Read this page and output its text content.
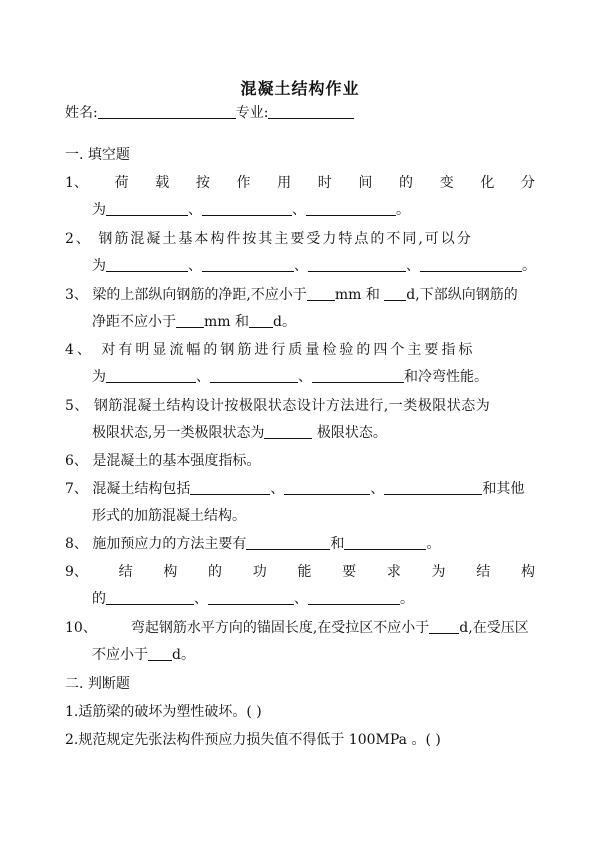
混凝土结构作业
姓名:	专业:
一. 填空题
1、 荷 载 按 作 用 时 间 的 变 化 分
为	、	、	。
2、 钢筋混凝土基本构件按其主要受力特点的不同,可以分
为	、	、	、	。
3、 梁的上部纵向钢筋的净距,不应小于 mm 和 d,下部纵向钢筋的
净距不应小于 mm 和 d。
4、 对有明显流幅的钢筋进行质量检验的四个主要指标
为	、	、	和冷弯性能。
5、 钢筋混凝土结构设计按极限状态设计方法进行,一类极限状态为
极限状态,另一类极限状态为	极限状态。
6、 是混凝土的基本强度指标。
7、 混凝土结构包括	、	、	和其他
形式的加筋混凝土结构。
8、 施加预应力的方法主要有	和	。
9、 结 构 的 功 能 要 求 为 结 构
的	、	、	。
10、 弯起钢筋水平方向的锚固长度,在受拉区不应小于 d,在受压区
不应小于 d。
二. 判断题
1.适筋梁的破坏为塑性破坏。( )
2.规范规定先张法构件预应力损失值不得低于 100MPa 。( )
